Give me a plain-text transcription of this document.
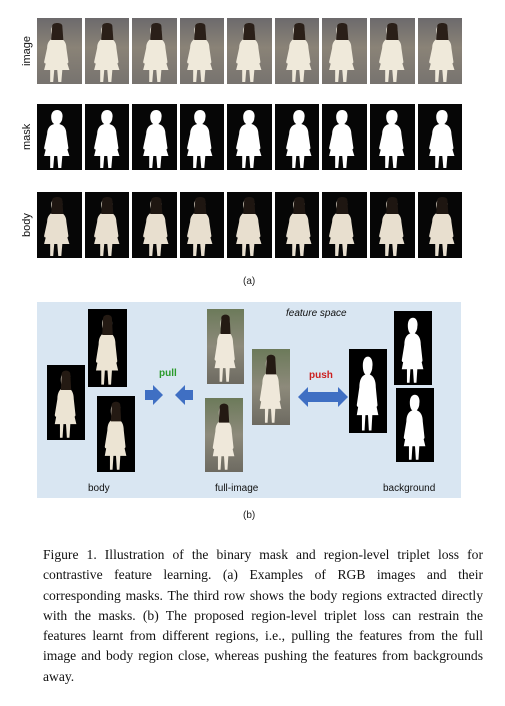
image
mask
body
(a)
feature space
pull	push
body	full-image	background
(b)
Figure 1. Illustration of the binary mask and region-level triplet loss for contrastive feature learning. (a) Examples of RGB images and their corresponding masks. The third row shows the body regions extracted directly with the masks. (b) The proposed region-level triplet loss can restrain the features learnt from different regions, i.e., pulling the features from the full image and body region close, whereas pushing the features from backgrounds away.
